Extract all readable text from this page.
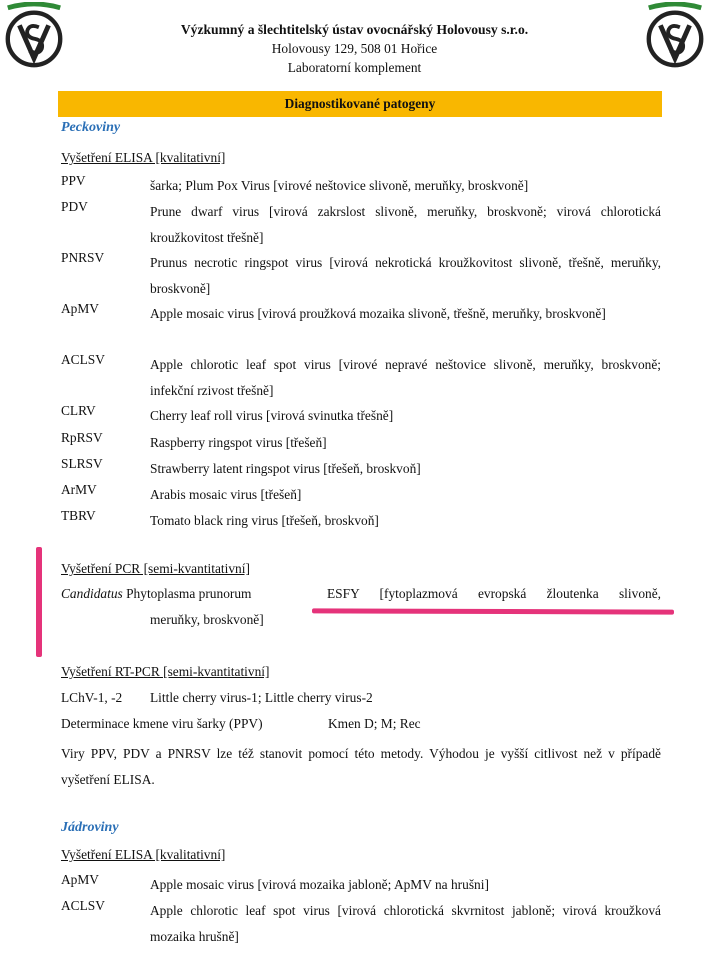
Výzkumný a šlechtitelský ústav ovocnářský Holovousy s.r.o.
Holovousy 129, 508 01 Hořice
Laboratorní komplement
Diagnostikované patogeny
Peckoviny
Vyšetření ELISA [kvalitativní]
PPV	šarka; Plum Pox Virus [virové neštovice slivoně, meruňky, broskvoně]
PDV	Prune dwarf virus [virová zakrslost slivoně, meruňky, broskvoně; virová chlorotická kroužkovitost třešně]
PNRSV	Prunus necrotic ringspot virus [virová nekrotická kroužkovitost slivoně, třešně, meruňky, broskvoně]
ApMV	Apple mosaic virus [virová proužková mozaika slivoně, třešně, meruňky, broskvoně]
ACLSV	Apple chlorotic leaf spot virus [virové nepravé neštovice slivoně, meruňky, broskvoně; infekční rzivost třešně]
CLRV	Cherry leaf roll virus [virová svinutka třešně]
RpRSV	Raspberry ringspot virus [třešeň]
SLRSV	Strawberry latent ringspot virus [třešeň, broskvoň]
ArMV	Arabis mosaic virus [třešeň]
TBRV	Tomato black ring virus [třešeň, broskvoň]
Vyšetření PCR [semi-kvantitativní]
Candidatus Phytoplasma prunorum	ESFY [fytoplazmová evropská žloutenka slivoně,
meruňky, broskvoně]
Vyšetření RT-PCR [semi-kvantitativní]
LChV-1, -2 Little cherry virus-1; Little cherry virus-2
Determinace kmene viru šarky (PPV)	Kmen D; M; Rec
Viry PPV, PDV a PNRSV lze též stanovit pomocí této metody. Výhodou je vyšší citlivost než v případě vyšetření ELISA.
Jádroviny
Vyšetření ELISA [kvalitativní]
ApMV	Apple mosaic virus [virová mozaika jabloně; ApMV na hrušni]
ACLSV	Apple chlorotic leaf spot virus [virová chlorotická skvrnitost jabloně; virová kroužková mozaika hrušně]
